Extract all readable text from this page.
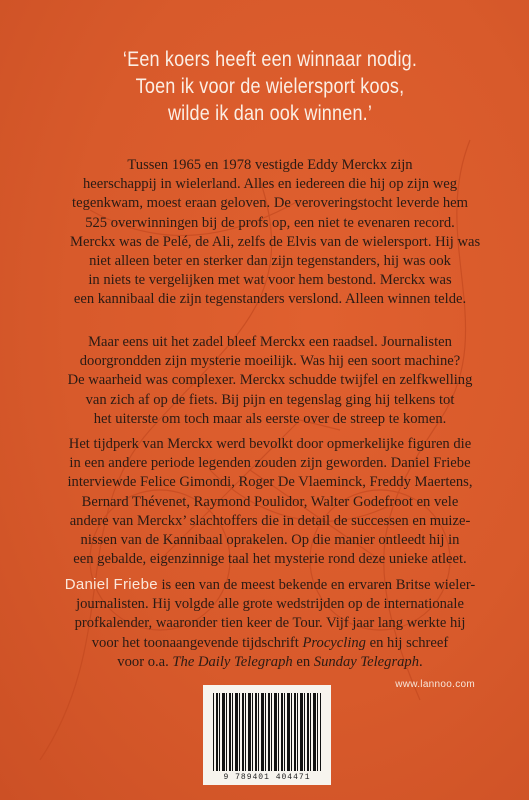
‘Een koers heeft een winnaar nodig.
Toen ik voor de wielersport koos,
wilde ik dan ook winnen.’
Tussen 1965 en 1978 vestigde Eddy Merckx zijn
heerschappij in wielerland. Alles en iedereen die hij op zijn weg
tegenkwam, moest eraan geloven. De veroveringstocht leverde hem
525 overwinningen bij de profs op, een niet te evenaren record.
Merckx was de Pelé, de Ali, zelfs de Elvis van de wielersport. Hij was
niet alleen beter en sterker dan zijn tegenstanders, hij was ook
in niets te vergelijken met wat voor hem bestond. Merckx was
een kannibaal die zijn tegenstanders verslond. Alleen winnen telde.
Maar eens uit het zadel bleef Merckx een raadsel. Journalisten
doorgrondden zijn mysterie moeilijk. Was hij een soort machine?
De waarheid was complexer. Merckx schudde twijfel en zelfkwelling
van zich af op de fiets. Bij pijn en tegenslag ging hij telkens tot
het uiterste om toch maar als eerste over de streep te komen.
Het tijdperk van Merckx werd bevolkt door opmerkelijke figuren die
in een andere periode legenden zouden zijn geworden. Daniel Friebe
interviewde Felice Gimondi, Roger De Vlaeminck, Freddy Maertens,
Bernard Thévenet, Raymond Poulidor, Walter Godefroot en vele
andere van Merckx’ slachtoffers die in detail de successen en muize-
nissen van de Kannibaal oprakelen. Op die manier ontleedt hij in
een gebalde, eigenzinnige taal het mysterie rond deze unieke atleet.
Daniel Friebe is een van de meest bekende en ervaren Britse wieler-
journalisten. Hij volgde alle grote wedstrijden op de internationale
profkalender, waaronder tien keer de Tour. Vijf jaar lang werkte hij
voor het toonaangevende tijdschrift Procycling en hij schreef
voor o.a. The Daily Telegraph en Sunday Telegraph.
www.lannoo.com
9 789401 404471
